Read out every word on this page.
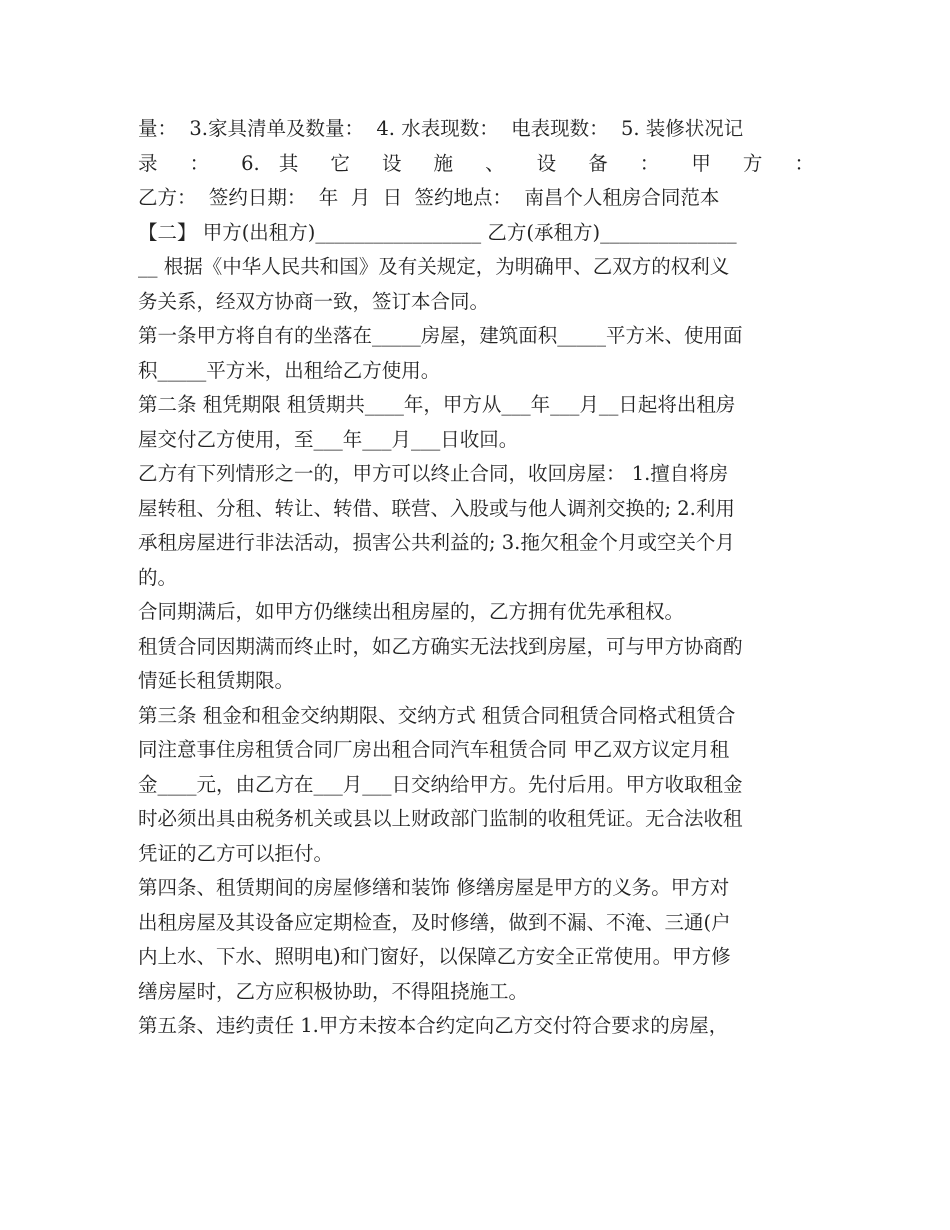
量：  3.家具清单及数量：  4. 水表现数：  电表现数：  5. 装修状况记
录 ： 6. 其 它 设 施 、 设 备 ： 甲 方 ：
乙方：  签约日期：  年  月  日  签约地点：  南昌个人租房合同范本
【二】 甲方(出租方)_________________ 乙方(承租方)______________
__ 根据《中华人民共和国》及有关规定，为明确甲、乙双方的权利义
务关系，经双方协商一致，签订本合同。
第一条甲方将自有的坐落在_____房屋，建筑面积_____平方米、使用面
积_____平方米，出租给乙方使用。
第二条 租凭期限 租赁期共____年，甲方从___年___月__日起将出租房
屋交付乙方使用，至___年___月___日收回。
乙方有下列情形之一的，甲方可以终止合同，收回房屋： 1.擅自将房
屋转租、分租、转让、转借、联营、入股或与他人调剂交换的; 2.利用
承租房屋进行非法活动，损害公共利益的; 3.拖欠租金个月或空关个月
的。
合同期满后，如甲方仍继续出租房屋的，乙方拥有优先承租权。
租赁合同因期满而终止时，如乙方确实无法找到房屋，可与甲方协商酌
情延长租赁期限。
第三条 租金和租金交纳期限、交纳方式 租赁合同租赁合同格式租赁合
同注意事住房租赁合同厂房出租合同汽车租赁合同 甲乙双方议定月租
金____元，由乙方在___月___日交纳给甲方。先付后用。甲方收取租金
时必须出具由税务机关或县以上财政部门监制的收租凭证。无合法收租
凭证的乙方可以拒付。
第四条、租赁期间的房屋修缮和装饰 修缮房屋是甲方的义务。甲方对
出租房屋及其设备应定期检查，及时修缮，做到不漏、不淹、三通(户
内上水、下水、照明电)和门窗好，以保障乙方安全正常使用。甲方修
缮房屋时，乙方应积极协助，不得阻挠施工。
第五条、违约责任 1.甲方未按本合约定向乙方交付符合要求的房屋，
